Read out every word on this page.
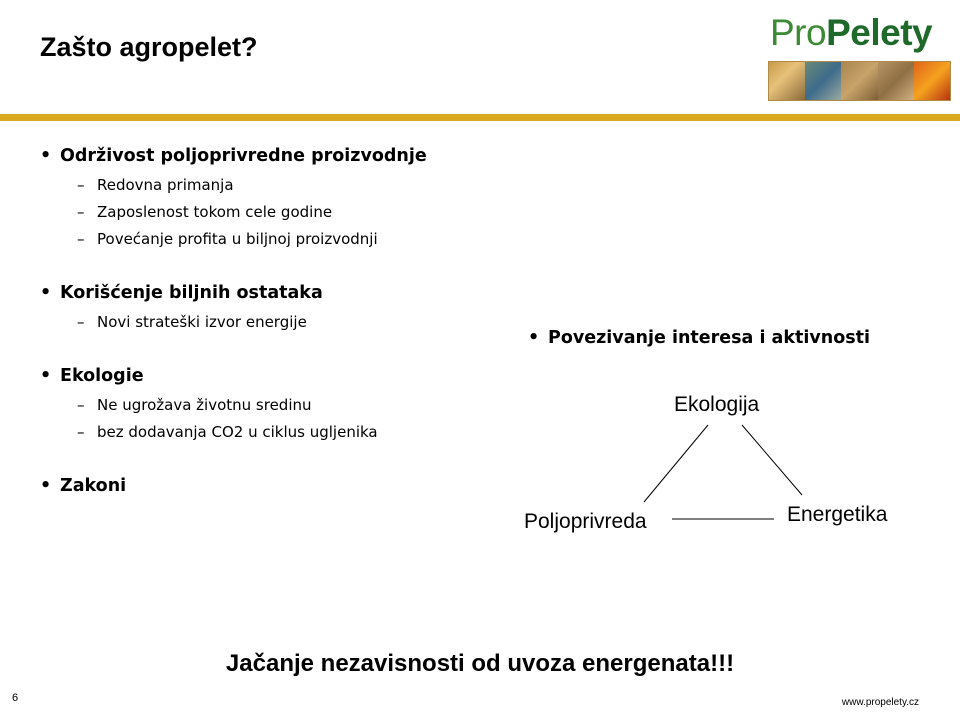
Zašto agropelet?	ProPelety

• Održivost poljoprivredne proizvodnje

– Redovna primanja
– Zaposlenost tokom cele godine
– Povećanje profita u biljnoj proizvodnji

• Korišćenje biljnih ostataka

– Novi strateški izvor energije

• Ekologie

– Ne ugrožava životnu sredinu
– bez dodavanja CO2 u ciklus ugljenika

• Zakoni

• Povezivanje interesa i aktivnosti

Ekologija
Poljoprivreda	Energetika

Jačanje nezavisnosti od uvoza energenata!!!

6	www.propelety.cz
